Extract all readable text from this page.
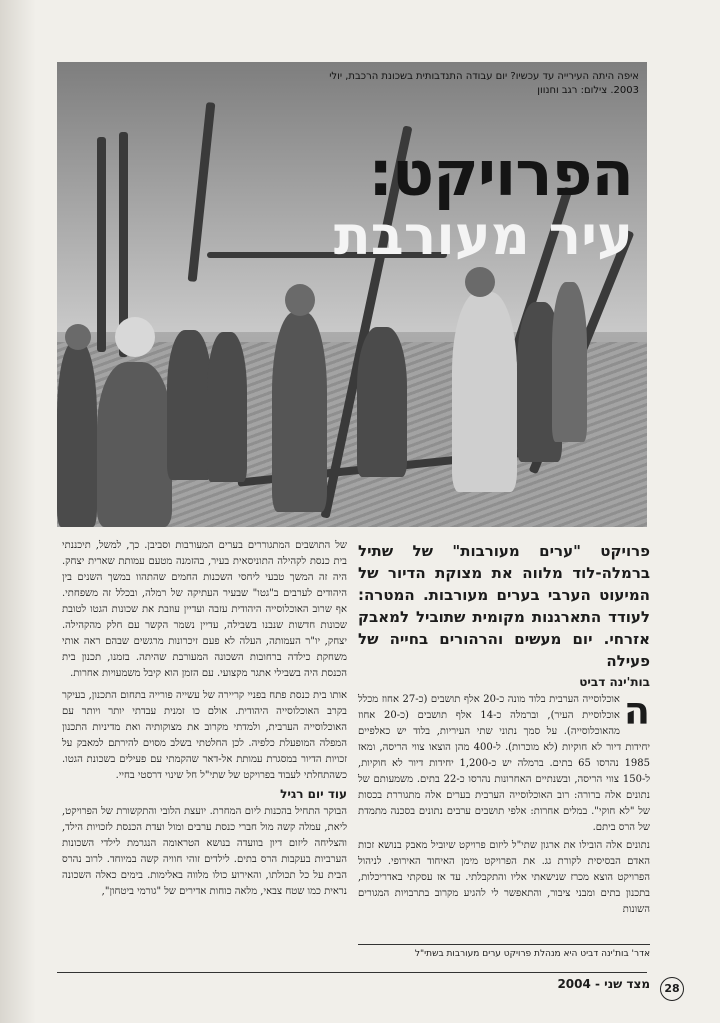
איפה היתה העירייה עד עכשיו? יום עבודה התנדבותית בשכונת הרכבת, יולי 2003. צילום: רגב וחנוון
הפרויקט:
עיר מעורבת

פרויקט "ערים מעורבות" של שתיל ברמלה-לוד מלווה את מצוקת הדיור של המיעוט הערבי בערים מעורבות. המטרה: לעודד התארגנות מקומית שתוביל למאבק אזרחי. יום מעשים והרהורים בחייה של פעילה

בות'ינה דביט

ה
אוכלוסייה הערבית בלוד מונה כ-20 אלף תושבים (כ-27 אחוז מכלל אוכלוסיית העיר), וברמלה כ-14 אלף תושבים (כ-20 אחוז מהאוכלוסייה). על סמך נתוני שתי העיריות, בלוד יש כאלפיים יחידות דיור לא חוקיות (לא מוכרות). ל-400 מהן הוצאו צווי הריסה, ומאז 1985 נהרסו 65 בתים. ברמלה יש כ-1,200 יחידות דיור לא חוקיות, ל-150 צווי הריסה, ובשנתיים האחרונות נהרסו כ-22 בתים. משמעותם של נתונים אלה ברורה: רוב האוכלוסייה הערבית בערים אלה מתגוררת בכסות של "לא חוקי". במלים אחרות: אלפי תושבים ערבים נתונים בסכנה מתמדת של הרס ביתם.

נתונים אלה הובילו את ארגון שתי"ל ליזום פרויקט שיוביל מאבק בנושא זכות האדם הבסיסית לקורת גג. את הפרויקט מימן האיחוד האירופי. לניהול הפרויקט הוצא מכרז שנישאתי אליו והתקבלתי. עד אז עסקתי באדריכלות, בתכנון בתים ומבני ציבור, והתאפשר לי להגיע מקרוב בתרבויות המגורים השונות

של התושבים המתגוררים בערים המעורבות וסביבן. כך, למשל, תיכננתי בית כנסת לקהילה התוניסאית בעיר, בהזמנה מטעם עמותת שארית יצחק. היה זה המשך טבעי ליחסי השכנות החמים שהתהוו במשך השנים בין היהודים לערבים ב"גטו" שבעיר העתיקה של רמלה, ובכלל זה משפחתי. אף שרוב האוכלוסייה היהודית עזבה ועדיין עוזבת את שכונות הגטו לטובת שכונות חדשות שנבנו בשבילה, עדיין נשמר הקשר עם חלק מהקהילה. יצחק, יו"ר העמותה, העלה לא פעם זיכרונות מרגשים שבהם ראה אותי משחקת כילדה ברחובות השכונה המעורבת שהיתה. בזמנו, תכנון בית הכנסת היה בשבילי אתגר מקצועי. עם הזמן הוא קיבל משמעויות אחרות.

אותו בית כנסת פתח בפניי קריירה של עשייה פורייה בתחום התכנון, בעיקר בקרב האוכלוסייה היהודית. אולם כו זמנית עבדתי יותר ויותר עם האוכלוסייה הערבית, ולמדתי מקרוב את מצוקותיה ואת מדיניות התכנון המפלה המופעלת כלפיה. לכן החלטתי בשלב מסוים להירתם למאבק על זכויות הדיור במסגרת עמותת אל-דאר שהקמתי עם פעילים בשכונת הגטו. כשהתחלתי לעבוד בפרויקט של שתי"ל חל שינוי דרסטי בחיי.

עוד יום רגיל

הבוקר התחיל בהכנות ליום המחרת. יועצת הלובי והתקשורת של הפרויקט, ליאת, עמלה קשה מול חברי כנסת ערבים ומול ועדת הכנסת לזכויות הילד, והצליחה ליזום דיון בוועדה בנושא הטראומה הנגרמת לילדי השכונות הערביות בעקבות הרס בתים. לילדים זוהי חוויה קשה במיוחד. לרוב נהרס הבית על כל תכולתו, והאירוע כולו מלווה באלימות. בימים כאלה השכונה נראית כמו שטח צבאי, מלאה כוחות אדירים של "גורמי ביטחון",

אדר' בות'ינה דביט היא מנהלת פרויקט ערים מעורבות בשתי"ל
מצד שני - 2004	28
